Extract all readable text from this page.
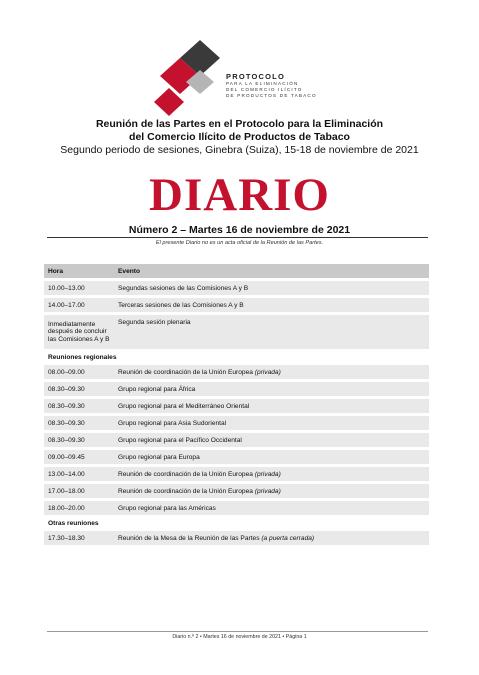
PROTOCOLO
PARA LA ELIMINACIÓN
DEL COMERCIO ILÍCITO
DE PRODUCTOS DE TABACO
Reunión de las Partes en el Protocolo para la Eliminación
del Comercio Ilícito de Productos de Tabaco
Segundo periodo de sesiones, Ginebra (Suiza), 15-18 de noviembre de 2021
DIARIO
Número 2 – Martes 16 de noviembre de 2021
El presente Diario no es un acta oficial de la Reunión de las Partes.
Hora	Evento
10.00–13.00	Segundas sesiones de las Comisiones A y B
14.00–17.00	Terceras sesiones de las Comisiones A y B
Inmediatamente después de concluir las Comisiones A y B	Segunda sesión plenaria
Reuniones regionales	
08.00–09.00	Reunión de coordinación de la Unión Europea (privada)
08.30–09.30	Grupo regional para África
08.30–09.30	Grupo regional para el Mediterráneo Oriental
08.30–09.30	Grupo regional para Asia Sudoriental
08.30–09.30	Grupo regional para el Pacífico Occidental
09.00–09.45	Grupo regional para Europa
13.00–14.00	Reunión de coordinación de la Unión Europea (privada)
17.00–18.00	Reunión de coordinación de la Unión Europea (privada)
18.00–20.00	Grupo regional para las Américas
Otras reuniones	
17.30–18.30	Reunión de la Mesa de la Reunión de las Partes (a puerta cerrada)
Diario n.º 2 • Martes 16 de noviembre de 2021 • Página 1
